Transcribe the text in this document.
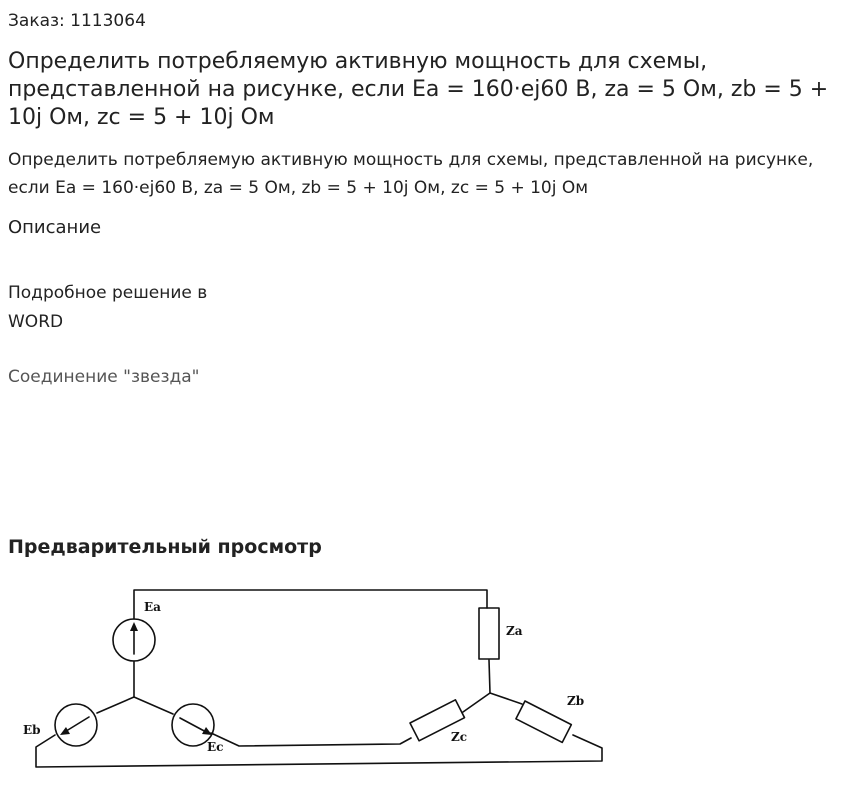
Заказ: 1113064
Определить потребляемую активную мощность для схемы, представленной на рисунке, если Ea = 160·ej60 В, za = 5 Ом, zb = 5 + 10j Ом, zc = 5 + 10j Ом

Определить потребляемую активную мощность для схемы, представленной на рисунке, если Ea = 160·ej60 В, za = 5 Ом, zb = 5 + 10j Ом, zc = 5 + 10j Ом

Описание
Подробное решение в WORD
Соединение "звезда"
Предварительный просмотр
Ea
Eb
Ec
Za
Zb
Zc
